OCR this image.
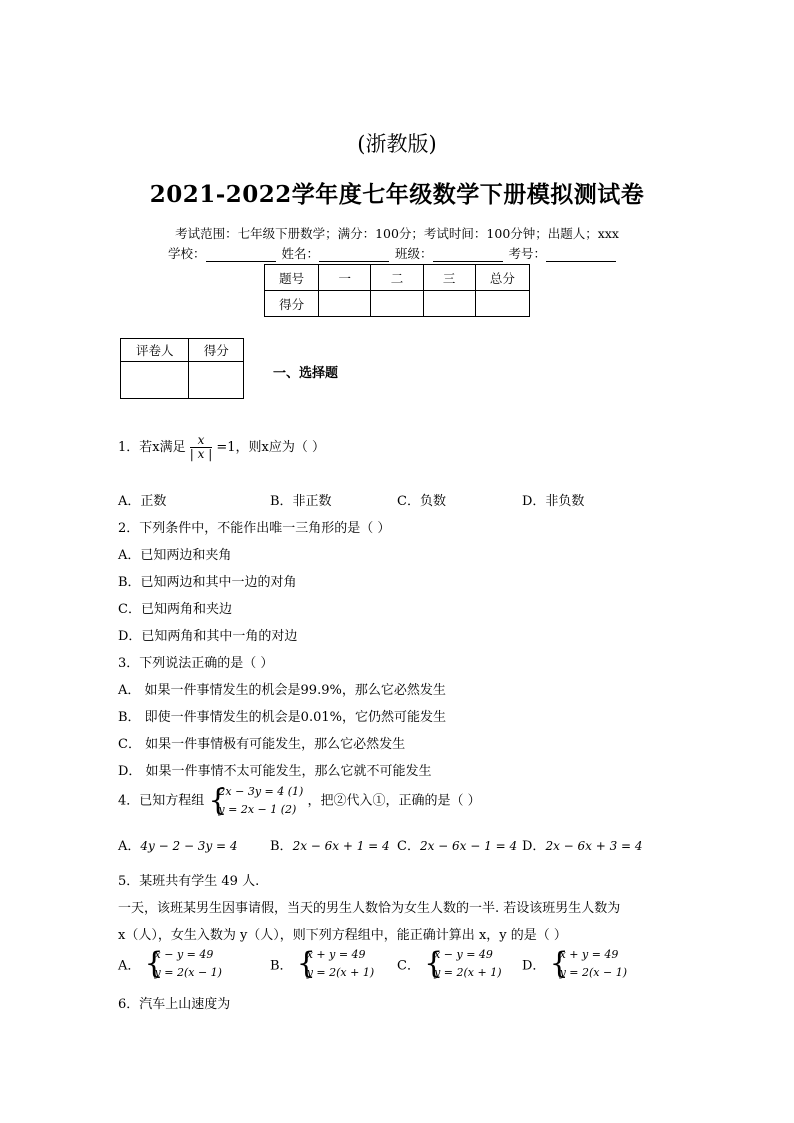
(浙教版)
2021-2022学年度七年级数学下册模拟测试卷
考试范围：七年级下册数学；满分：100分；考试时间：100分钟；出题人；xxx
学校：	姓名：	班级：	考号：
题号	一	二	三	总分
得分				
评卷人	得分

一、选择题
1．若x满足 $\frac{x}{| x |} =1$，则x应为（ ）
A．正数	B．非正数	C．负数	D．非负数
2．下列条件中，不能作出唯一三角形的是（ ）
A．已知两边和夹角
B．已知两边和其中一边的对角
C．已知两角和夹边
D．已知两角和其中一角的对边
3．下列说法正确的是（ ）
A． 如果一件事情发生的机会是99.9%，那么它必然发生
B． 即使一件事情发生的机会是0.01%，它仍然可能发生
C． 如果一件事情极有可能发生，那么它必然发生
D． 如果一件事情不太可能发生，那么它就不可能发生
4．已知方程组 {
2x − 3y = 4 (1)
y = 2x − 1 (2)
，把②代入①，正确的是（ ）
A．4y − 2 − 3y = 4 B．2x − 6x + 1 = 4 C．2x − 6x − 1 = 4 D．2x − 6x + 3 = 4
5．某班共有学生 49 人.
一天，该班某男生因事请假，当天的男生人数恰为女生人数的一半. 若设该班男生人数为
x（人），女生入数为 y（人），则下列方程组中，能正确计算出 x，y 的是（ ）
A． {
x − y = 49
y = 2(x − 1)	B． {
x + y = 49
y = 2(x + 1) C． {
x − y = 49
y = 2(x + 1) D． {
x + y = 49
y = 2(x − 1)
6．汽车上山速度为
